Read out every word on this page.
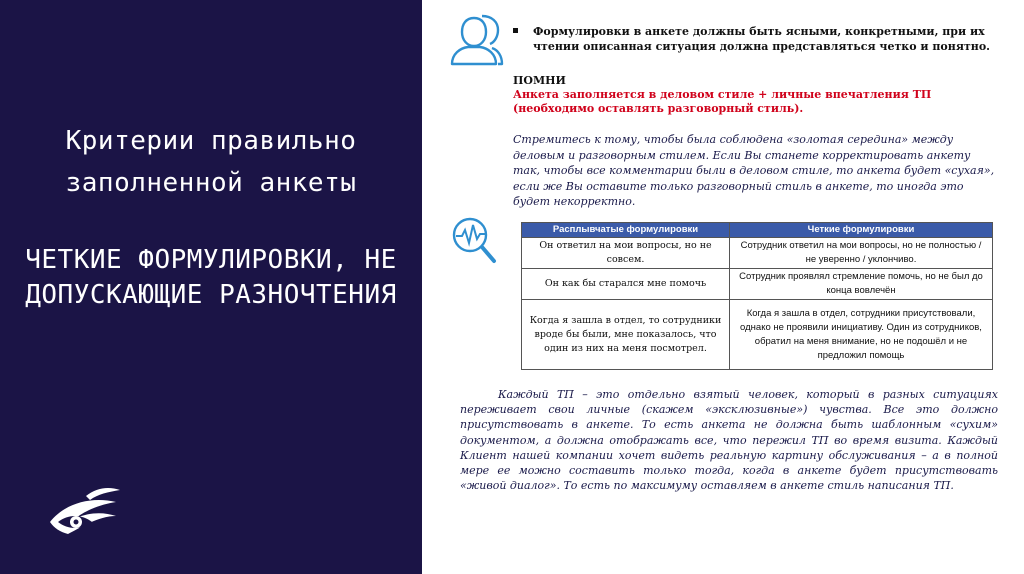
Критерии правильно заполненной анкеты
ЧЕТКИЕ ФОРМУЛИРОВКИ, НЕ ДОПУСКАЮЩИЕ РАЗНОЧТЕНИЯ
Формулировки в анкете должны быть ясными, конкретными, при их чтении описанная ситуация должна представляться четко и понятно.
ПОМНИ
Анкета заполняется в деловом стиле + личные впечатления ТП (необходимо оставлять разговорный стиль).
Стремитесь к тому, чтобы была соблюдена «золотая середина» между деловым и разговорным стилем. Если Вы станете корректировать анкету так, чтобы все комментарии были в деловом стиле, то анкета будет «сухая», если же Вы оставите только разговорный стиль в анкете, то иногда это будет некорректно.
Расплывчатые формулировки	Четкие формулировки
Он ответил на мои вопросы, но не совсем.	Сотрудник ответил на мои вопросы, но не полностью / не уверенно / уклончиво.
Он как бы старался мне помочь	Сотрудник проявлял стремление помочь, но не был до конца вовлечён
Когда я зашла в отдел, то сотрудники вроде бы были, мне показалось, что один из них на меня посмотрел.	Когда я зашла в отдел, сотрудники присутствовали, однако не проявили инициативу. Один из сотрудников, обратил на меня внимание, но не подошёл и не предложил помощь
Каждый ТП – это отдельно взятый человек, который в разных ситуациях переживает свои личные (скажем «эксклюзивные») чувства. Все это должно присутствовать в анкете. То есть анкета не должна быть шаблонным «сухим» документом, а должна отображать все, что пережил ТП во время визита. Каждый Клиент нашей компании хочет видеть реальную картину обслуживания – а в полной мере ее можно составить только тогда, когда в анкете будет присутствовать «живой диалог». То есть по максимуму оставляем в анкете стиль написания ТП.
